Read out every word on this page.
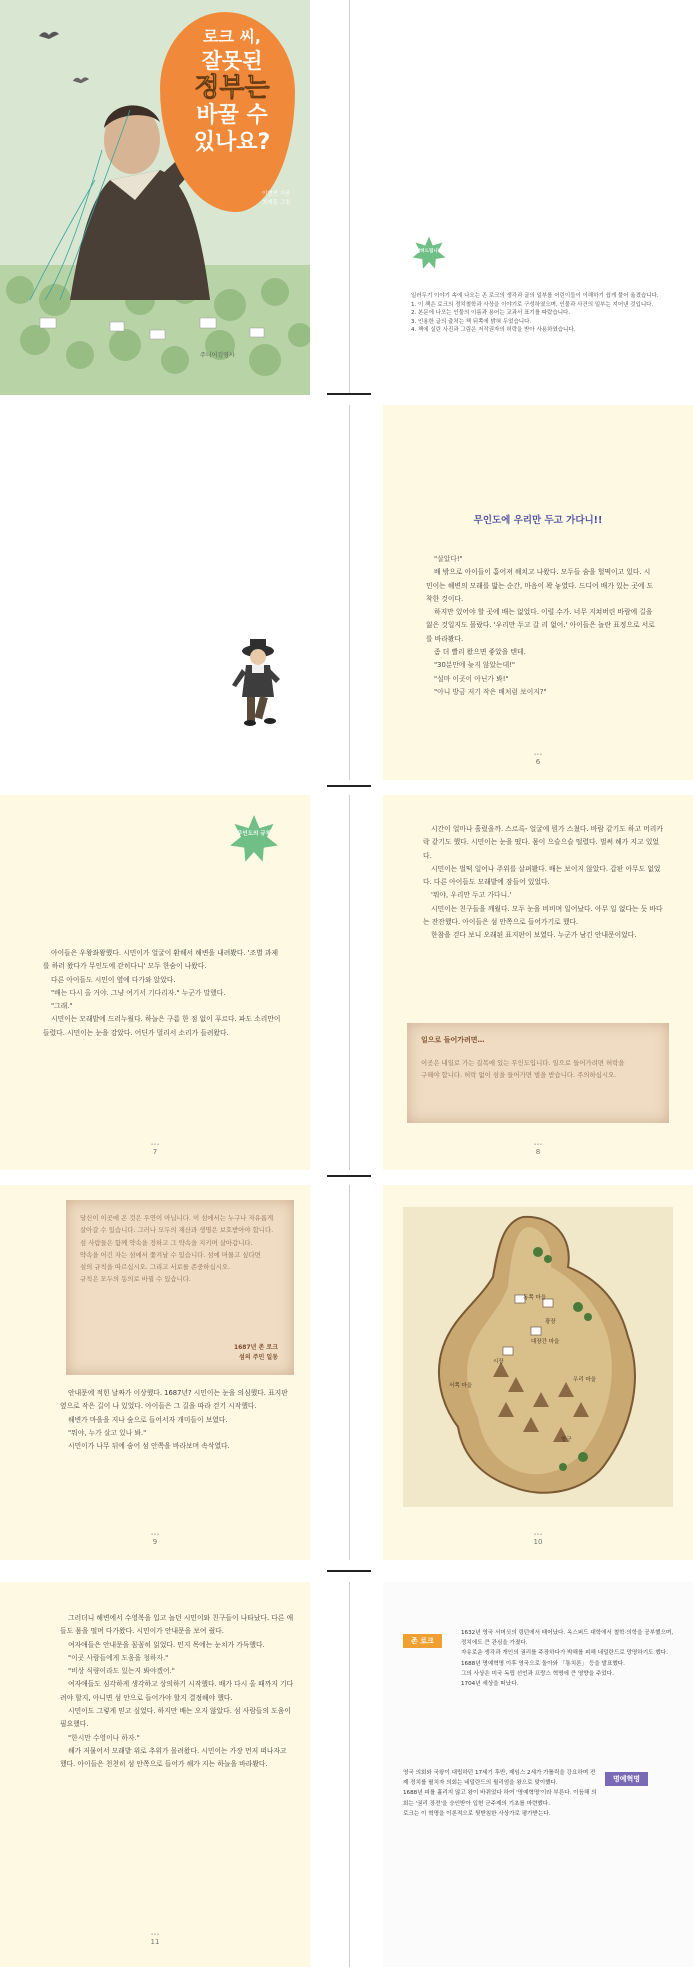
로크 씨,
잘못된
정부는
바꿀 수
있나요?
이현연 지음
최재훈 그림
주니어김영사
알려드립니다
일러두기 이야기 속에 나오는 존 로크의 생각과 글의 일부를 어린이들이 이해하기 쉽게 풀어 옮겼습니다.
1. 이 책은 로크의 정치철학과 사상을 이야기로 구성하였으며, 인물과 사건의 일부는 지어낸 것입니다.
2. 본문에 나오는 인물의 이름과 용어는 교과서 표기를 따랐습니다.
3. 인용한 글의 출처는 책 뒤쪽에 밝혀 두었습니다.
4. 책에 실린 사진과 그림은 저작권자의 허락을 받아 사용하였습니다.
무인도에 우리만 두고 가다니!!

"살았다!"

배 밖으로 아이들이 흩어져 해치고 나왔다. 모두들 숨을 헐떡이고 있다. 시민이는 해변의 모래를 밟는 순간, 마음이 꽉 놓였다. 드디어 배가 있는 곳에 도착한 것이다.

하지만 있어야 할 곳에 배는 없었다. 이럴 수가. 너무 지쳐버린 바람에 길을 잃은 것일지도 몰랐다. '우리만 두고 갈 리 없어.' 아이들은 놀란 표정으로 서로를 바라봤다.

좀 더 빨리 왔으면 좋았을 텐데.

"30분만에 늦지 않았는데!"

"설마 이곳이 아닌가 봐!"

"아니 방금 저기 작은 배처럼 보이지?"

•••
6
무인도의 규칙

아이들은 우왕좌왕했다. 시민이가 얼굴이 환해서 해변을 내려봤다. '조별 과제를 하러 왔다가 무인도에 갇히다니' 모두 한숨이 나왔다.

다른 아이들도 시민이 옆에 다가와 앉았다.

"배는 다시 올 거야. 그냥 여기서 기다리자." 누군가 말했다.

"그래."

시민이는 모래밭에 드러누웠다. 하늘은 구름 한 점 없이 푸르다. 파도 소리만이 들렸다. 시민이는 눈을 감았다. 어딘가 멀리서 소리가 들려왔다.

•••
7

시간이 얼마나 흘렀을까. 스르륵- 얼굴에 뭔가 스쳤다. 바람 같기도 하고 머리카락 같기도 했다. 시민이는 눈을 떴다. 몸이 으슬으슬 떨렸다. 벌써 해가 지고 있었다.

시민이는 벌떡 일어나 주위를 살펴봤다. 배는 보이지 않았다. 갑판 아무도 없었다. 다른 아이들도 모래밭에 잠들어 있었다.

'뭐야, 우리만 두고 가다니.'

시민이는 친구들을 깨웠다. 모두 눈을 비비며 일어났다. 아무 일 없다는 듯 바다는 잔잔했다. 아이들은 섬 안쪽으로 들어가기로 했다.

한참을 걷다 보니 오래된 표지판이 보였다. 누군가 남긴 안내문이었다.

일으로 들어가려면…
이곳은 내일로 가는 길목에 있는 무인도입니다. 일으로 들어가려면 허락을
구해야 합니다. 허락 없이 섬을 들어가면 벌을 받습니다. 주의하십시오.
•••
8
당신이 이곳에 온 것은 우연이 아닙니다. 이 섬에서는 누구나 자유롭게
살아갈 수 있습니다. 그러나 모두의 재산과 생명은 보호받아야 합니다.
섬 사람들은 함께 약속을 정하고 그 약속을 지키며 살아갑니다.
약속을 어긴 자는 섬에서 쫓겨날 수 있습니다. 섬에 머물고 싶다면
섬의 규칙을 따르십시오. 그리고 서로를 존중하십시오.
규칙은 모두의 동의로 바뀔 수 있습니다.
1687년 존 로크
섬의 주민 일동

안내문에 적힌 날짜가 이상했다. 1687년? 시민이는 눈을 의심했다. 표지판 옆으로 작은 길이 나 있었다. 아이들은 그 길을 따라 걷기 시작했다.

해변가 마을을 지나 숲으로 들어서자 개미들이 보였다.

"뭐야, 누가 살고 있나 봐."

시민이가 나무 뒤에 숨어 섬 안쪽을 바라보며 속삭였다.

•••
9
동쪽 마을
광장
대장간 마을
시장
우리 마을
서쪽 마을
항구
•••
10

그러더니 해변에서 수영복을 입고 놀던 시민이와 친구들이 나타났다. 다른 애들도 몸을 떨며 다가왔다. 시민이가 안내문을 보여 줬다.

여자애들은 안내문을 꼼꼼히 읽었다. 민지 목에는 눈치가 가득했다.

"이곳 사람들에게 도움을 청하자."

"비상 식량이라도 있는지 봐야겠어."

여자애들도 심각하게 생각하고 상의하기 시작했다. 배가 다시 올 때까지 기다려야 할지, 아니면 섬 안으로 들어가야 할지 결정해야 했다.

시민이도 그렇게 믿고 싶었다. 하지만 배는 오지 않았다. 섬 사람들의 도움이 필요했다.

"한시만 수영이나 하자."

해가 저물어서 모래밭 위로 추위가 몰려왔다. 시민이는 가장 먼저 떠나자고 했다. 아이들은 천천히 섬 안쪽으로 들어가 해가 지는 하늘을 바라봤다.

•••
11
존 로크
1632년 영국 서머싯의 링턴에서 태어났다. 옥스퍼드 대학에서 철학·의학을 공부했으며, 정치에도 큰 관심을 가졌다.
자유로운 생각과 개인의 권리를 주장하다가 박해를 피해 네덜란드로 망명하기도 했다.
1688년 명예혁명 이후 영국으로 돌아와 「통치론」 등을 발표했다.
그의 사상은 미국 독립 선언과 프랑스 혁명에 큰 영향을 주었다.
1704년 세상을 떠났다.
명예혁명
영국 의회와 국왕이 대립하던 17세기 후반, 제임스 2세가 가톨릭을 강요하며 전제 정치를 펼치자 의회는 네덜란드의 윌리엄을 왕으로 맞이했다.
1688년 피를 흘리지 않고 왕이 바뀌었다 하여 '명예혁명'이라 부른다. 이듬해 의회는 '권리 장전'을 승인받아 입헌 군주제의 기초를 마련했다.
로크는 이 혁명을 이론적으로 뒷받침한 사상가로 평가받는다.
